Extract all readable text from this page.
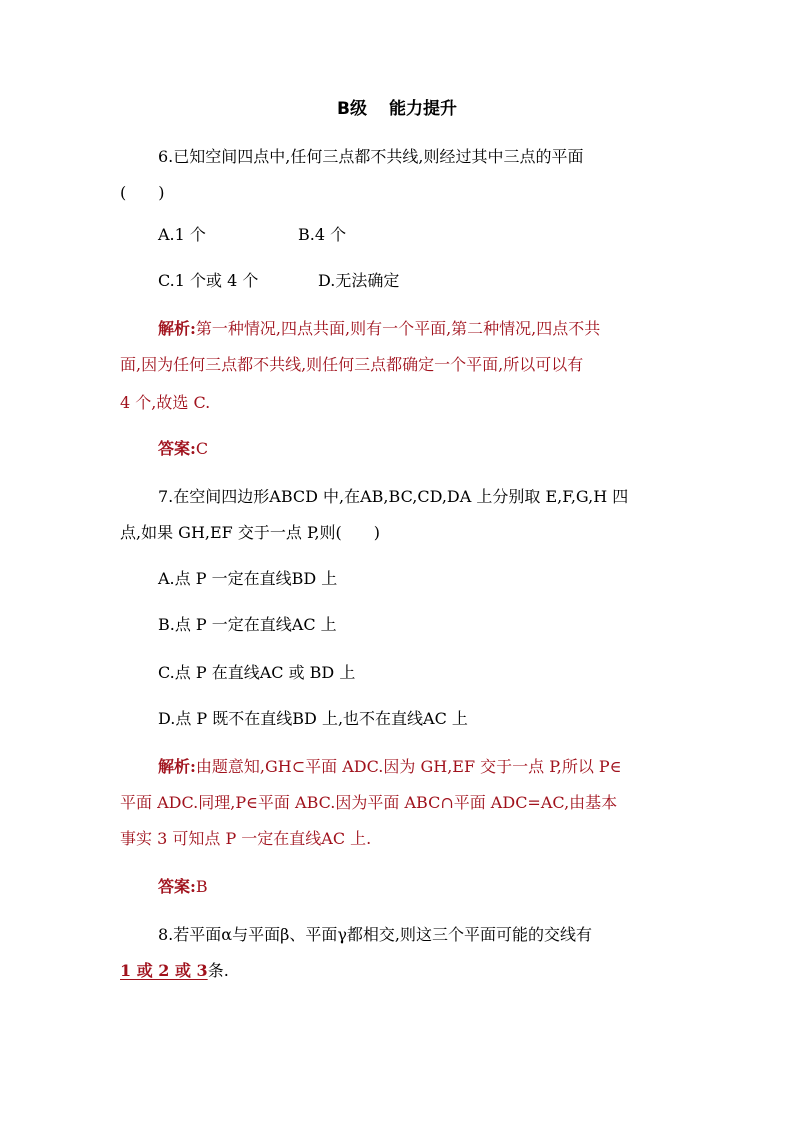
B级 能力提升
6.已知空间四点中,任何三点都不共线,则经过其中三点的平面
(　　)
A.1 个	B.4 个
C.1 个或 4 个	D.无法确定
解析:第一种情况,四点共面,则有一个平面,第二种情况,四点不共
面,因为任何三点都不共线,则任何三点都确定一个平面,所以可以有
4 个,故选 C.
答案:C
7.在空间四边形ABCD 中,在AB,BC,CD,DA 上分别取 E,F,G,H 四
点,如果 GH,EF 交于一点 P,则(　　)
A.点 P 一定在直线BD 上
B.点 P 一定在直线AC 上
C.点 P 在直线AC 或 BD 上
D.点 P 既不在直线BD 上,也不在直线AC 上
解析:由题意知,GH⊂平面 ADC.因为 GH,EF 交于一点 P,所以 P∈
平面 ADC.同理,P∈平面 ABC.因为平面 ABC∩平面 ADC=AC,由基本
事实 3 可知点 P 一定在直线AC 上.
答案:B
8.若平面α与平面β、平面γ都相交,则这三个平面可能的交线有
1 或 2 或 3条.
